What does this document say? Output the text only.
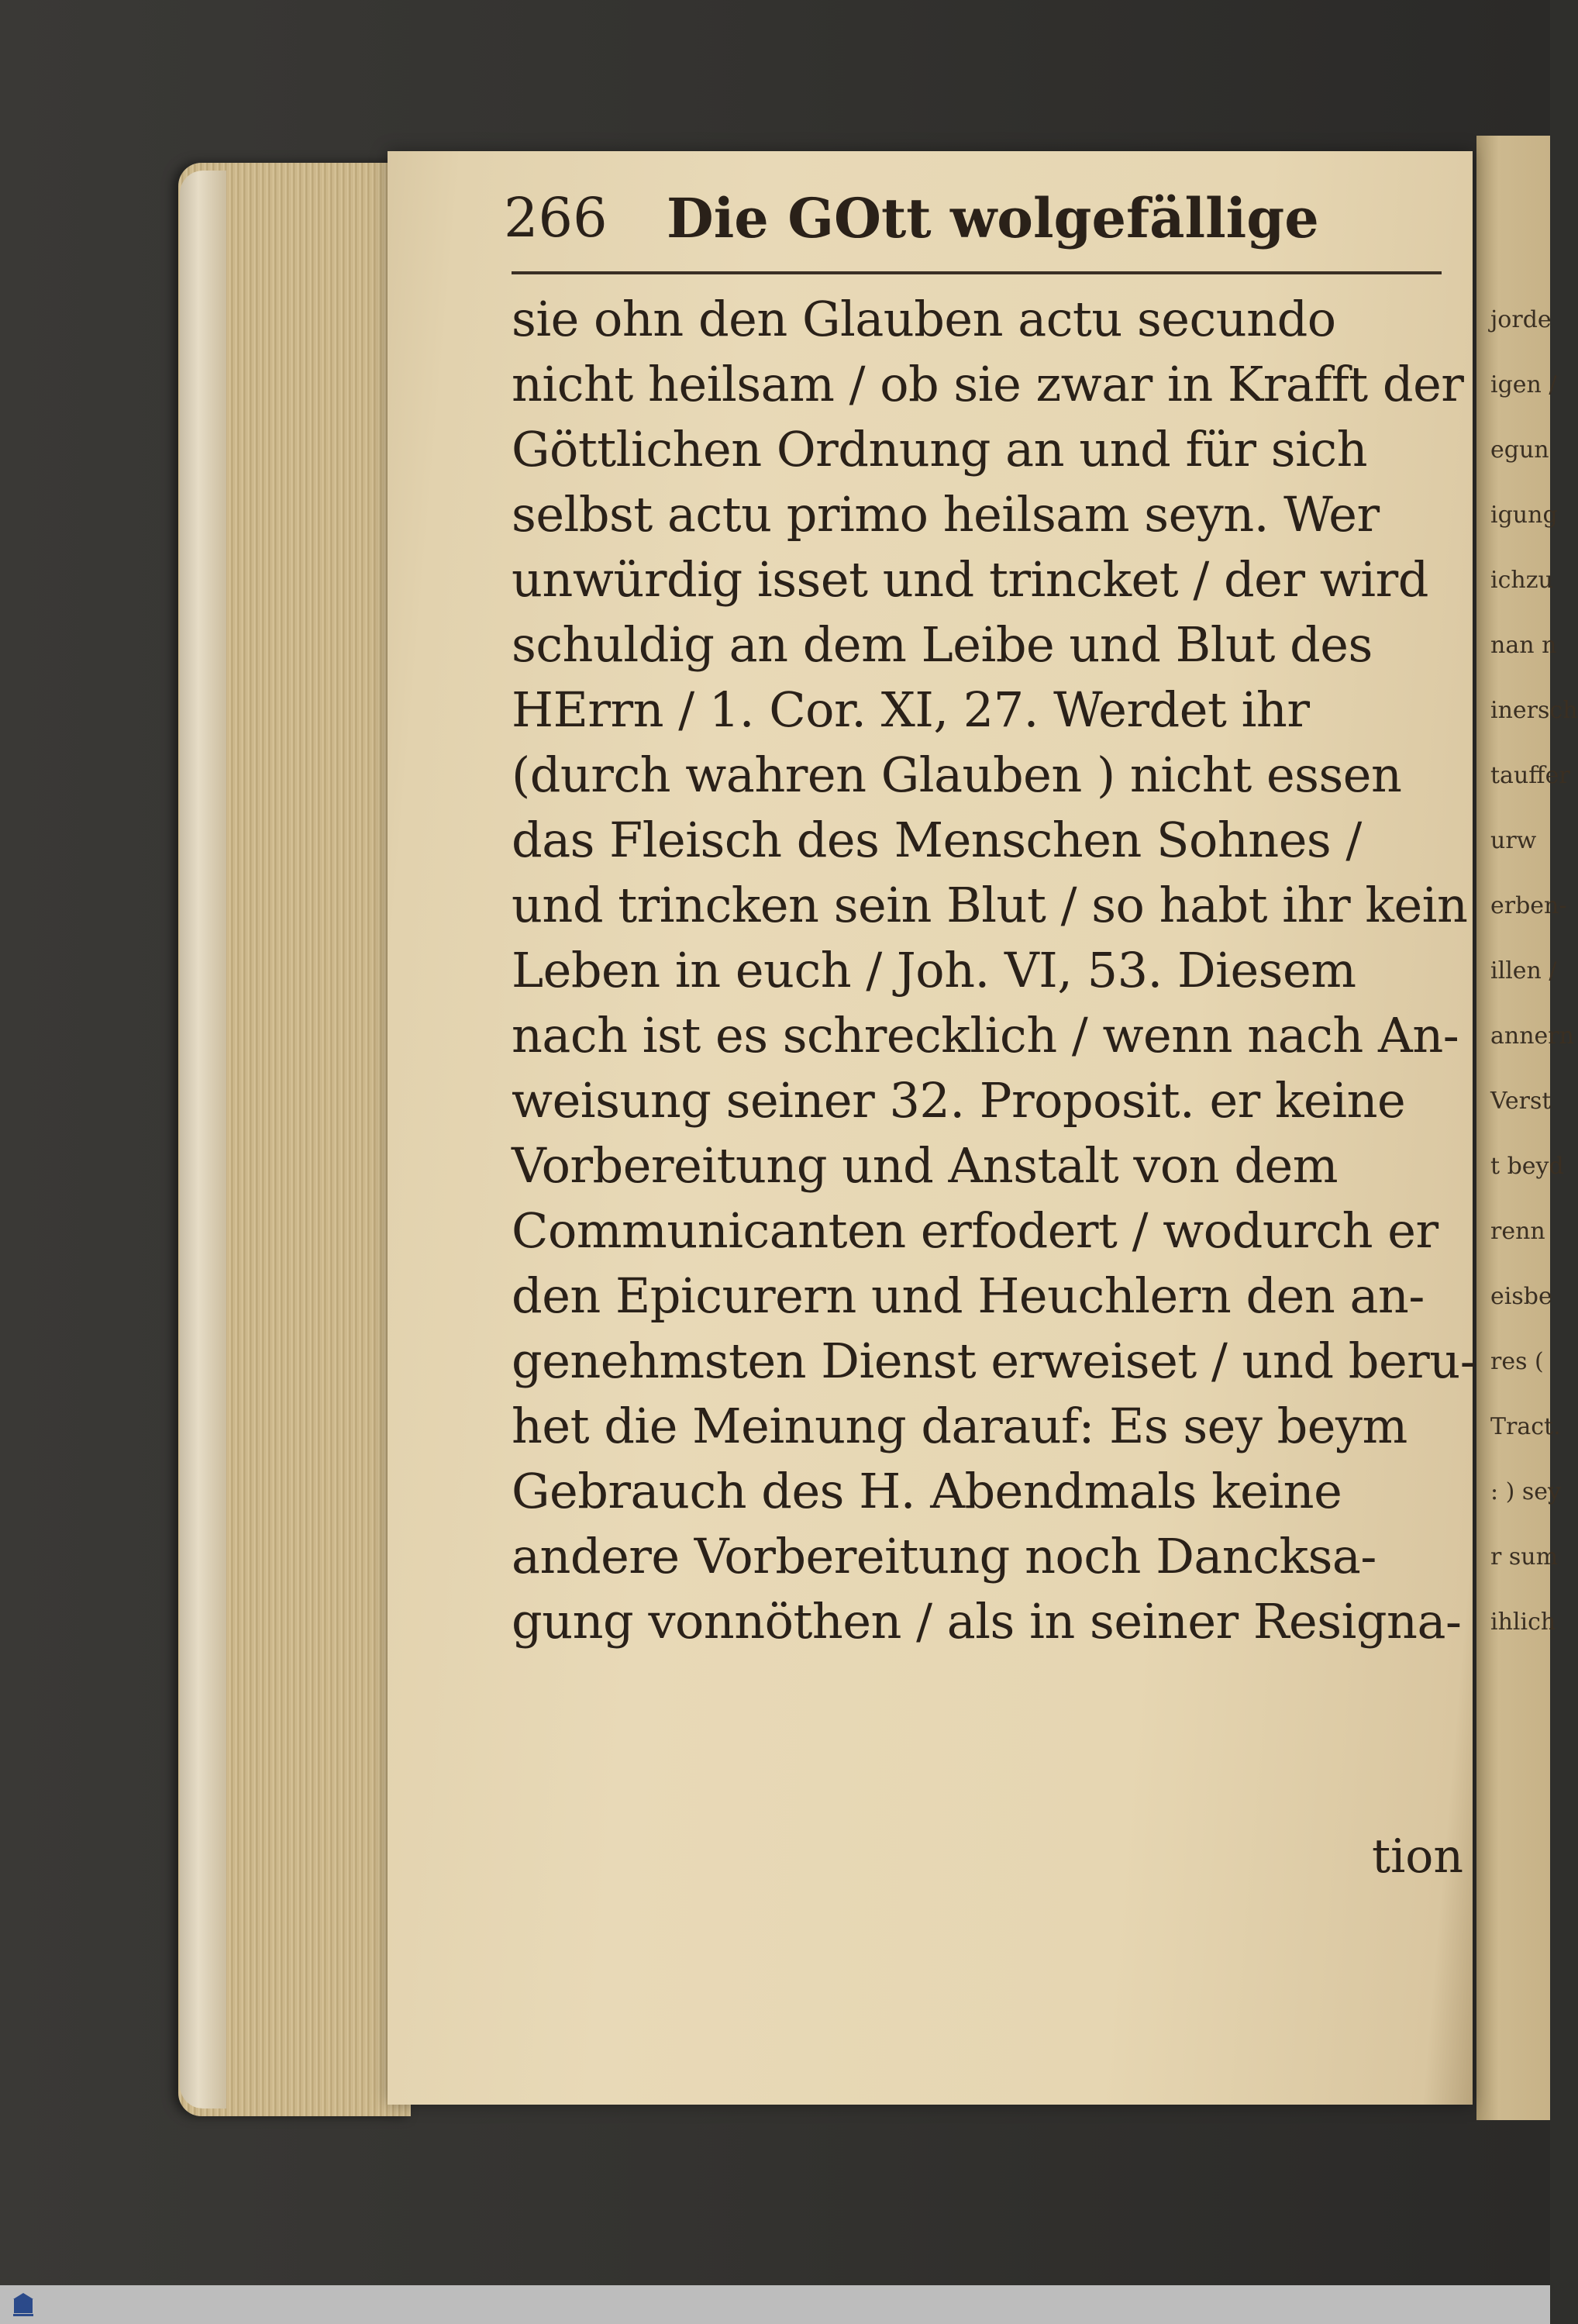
jorde
igen /
egun
igung
ichzu
nan n
inersch
tauffer
urw
erben-
illen /
annern
Verst
t beyd
renn
eisbe
res (
Tract.
: ) sey
r sum
ihlich
266 Die GOtt wolgefällige
sie ohn den Glauben actu secundo
nicht heilsam / ob sie zwar in Krafft der
Göttlichen Ordnung an und für sich
selbst actu primo heilsam seyn. Wer
unwürdig isset und trincket / der wird
schuldig an dem Leibe und Blut des
HErrn / 1. Cor. XI, 27. Werdet ihr
(durch wahren Glauben ) nicht essen
das Fleisch des Menschen Sohnes /
und trincken sein Blut / so habt ihr kein
Leben in euch / Joh. VI, 53. Diesem
nach ist es schrecklich / wenn nach An-
weisung seiner 32. Proposit. er keine
Vorbereitung und Anstalt von dem
Communicanten erfodert / wodurch er
den Epicurern und Heuchlern den an-
genehmsten Dienst erweiset / und beru-
het die Meinung darauf: Es sey beym
Gebrauch des H. Abendmals keine
andere Vorbereitung noch Dancksa-
gung vonnöthen / als in seiner Resigna-
tion
